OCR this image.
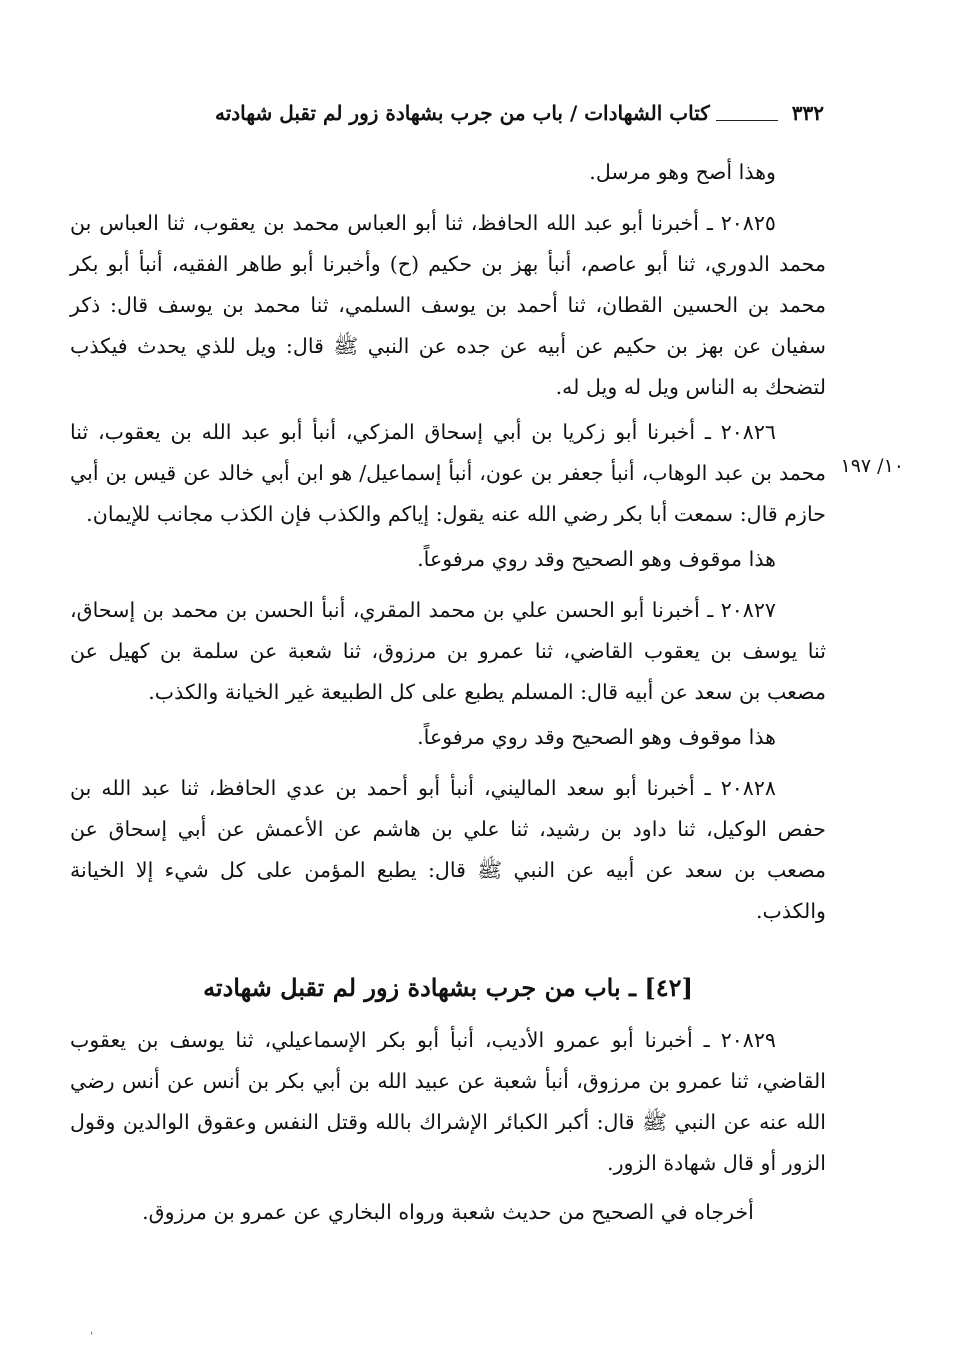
٣٣٢
كتاب الشهادات / باب من جرب بشهادة زور لم تقبل شهادته
١٠/ ١٩٧

وهذا أصح وهو مرسل.

٢٠٨٢٥ ـ أخبرنا أبو عبد الله الحافظ، ثنا أبو العباس محمد بن يعقوب، ثنا العباس بن محمد الدوري، ثنا أبو عاصم، أنبأ بهز بن حكيم (ح) وأخبرنا أبو طاهر الفقيه، أنبأ أبو بكر محمد بن الحسين القطان، ثنا أحمد بن يوسف السلمي، ثنا محمد بن يوسف قال: ذكر سفيان عن بهز بن حكيم عن أبيه عن جده عن النبي ﷺ قال: ويل للذي يحدث فيكذب لتضحك به الناس ويل له ويل له.

٢٠٨٢٦ ـ أخبرنا أبو زكريا بن أبي إسحاق المزكي، أنبأ أبو عبد الله بن يعقوب، ثنا محمد بن عبد الوهاب، أنبأ جعفر بن عون، أنبأ إسماعيل/ هو ابن أبي خالد عن قيس بن أبي حازم قال: سمعت أبا بكر رضي الله عنه يقول: إياكم والكذب فإن الكذب مجانب للإيمان.

هذا موقوف وهو الصحيح وقد روي مرفوعاً.

٢٠٨٢٧ ـ أخبرنا أبو الحسن علي بن محمد المقري، أنبأ الحسن بن محمد بن إسحاق، ثنا يوسف بن يعقوب القاضي، ثنا عمرو بن مرزوق، ثنا شعبة عن سلمة بن كهيل عن مصعب بن سعد عن أبيه قال: المسلم يطبع على كل الطبيعة غير الخيانة والكذب.

هذا موقوف وهو الصحيح وقد روي مرفوعاً.

٢٠٨٢٨ ـ أخبرنا أبو سعد الماليني، أنبأ أبو أحمد بن عدي الحافظ، ثنا عبد الله بن حفص الوكيل، ثنا داود بن رشيد، ثنا علي بن هاشم عن الأعمش عن أبي إسحاق عن مصعب بن سعد عن أبيه عن النبي ﷺ قال: يطبع المؤمن على كل شيء إلا الخيانة والكذب.

[٤٢] ـ باب من جرب بشهادة زور لم تقبل شهادته

٢٠٨٢٩ ـ أخبرنا أبو عمرو الأديب، أنبأ أبو بكر الإسماعيلي، ثنا يوسف بن يعقوب القاضي، ثنا عمرو بن مرزوق، أنبأ شعبة عن عبيد الله بن أبي بكر بن أنس عن أنس رضي الله عنه عن النبي ﷺ قال: أكبر الكبائر الإشراك بالله وقتل النفس وعقوق الوالدين وقول الزور أو قال شهادة الزور.

أخرجاه في الصحيح من حديث شعبة ورواه البخاري عن عمرو بن مرزوق.

ˌ
